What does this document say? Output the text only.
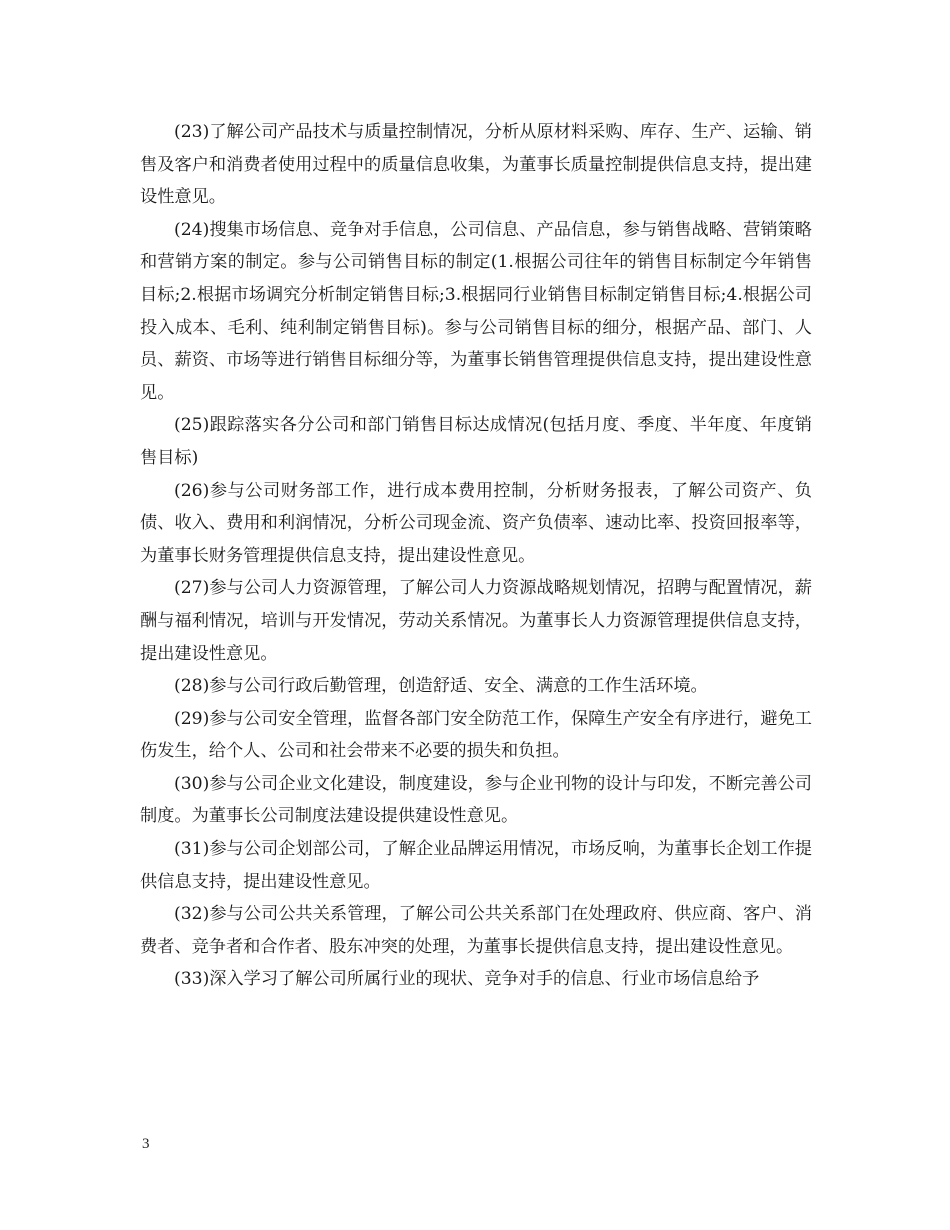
(23)了解公司产品技术与质量控制情况，分析从原材料采购、库存、生产、运输、销售及客户和消费者使用过程中的质量信息收集，为董事长质量控制提供信息支持，提出建设性意见。

(24)搜集市场信息、竞争对手信息，公司信息、产品信息，参与销售战略、营销策略和营销方案的制定。参与公司销售目标的制定(1.根据公司往年的销售目标制定今年销售目标;2.根据市场调究分析制定销售目标;3.根据同行业销售目标制定销售目标;4.根据公司投入成本、毛利、纯利制定销售目标)。参与公司销售目标的细分，根据产品、部门、人员、薪资、市场等进行销售目标细分等，为董事长销售管理提供信息支持，提出建设性意见。

(25)跟踪落实各分公司和部门销售目标达成情况(包括月度、季度、半年度、年度销售目标)

(26)参与公司财务部工作，进行成本费用控制，分析财务报表，了解公司资产、负债、收入、费用和利润情况，分析公司现金流、资产负债率、速动比率、投资回报率等，为董事长财务管理提供信息支持，提出建设性意见。

(27)参与公司人力资源管理，了解公司人力资源战略规划情况，招聘与配置情况，薪酬与福利情况，培训与开发情况，劳动关系情况。为董事长人力资源管理提供信息支持，提出建设性意见。

(28)参与公司行政后勤管理，创造舒适、安全、满意的工作生活环境。

(29)参与公司安全管理，监督各部门安全防范工作，保障生产安全有序进行，避免工伤发生，给个人、公司和社会带来不必要的损失和负担。

(30)参与公司企业文化建设，制度建设，参与企业刊物的设计与印发，不断完善公司制度。为董事长公司制度法建设提供建设性意见。

(31)参与公司企划部公司，了解企业品牌运用情况，市场反响，为董事长企划工作提供信息支持，提出建设性意见。

(32)参与公司公共关系管理，了解公司公共关系部门在处理政府、供应商、客户、消费者、竞争者和合作者、股东冲突的处理，为董事长提供信息支持，提出建设性意见。

(33)深入学习了解公司所属行业的现状、竞争对手的信息、行业市场信息给予

3
